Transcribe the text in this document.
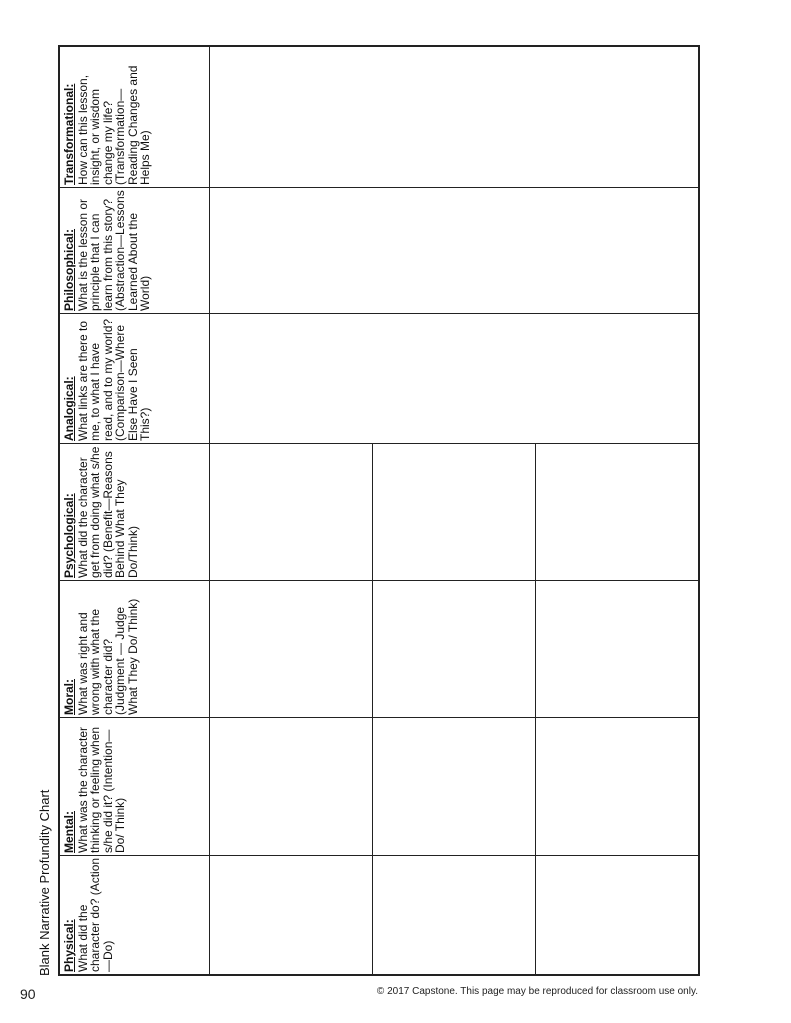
90	© 2017 Capstone. This page may be reproduced for classroom use only.
Blank Narrative Profundity Chart Physical: What did the character do? (Action—Do)
Mental: What was the character thinking or feeling when s/he did it? (Intention—Do/ Think)
Moral: What was right and wrong with what the character did? (Judgment — Judge What They Do/ Think)
Psychological: What did the character get from doing what s/he did? (Benefit—Reasons Behind What They Do/Think)
Analogical: What links are there to me, to what I have read, and to my world? (Comparison—Where Else Have I Seen This?)
Philosophical: What is the lesson or principle that I can learn from this story? (Abstraction—Lessons Learned About the World)
Transformational: How can this lesson, insight, or wisdom change my life? (Transformation—Reading Changes and Helps Me)
